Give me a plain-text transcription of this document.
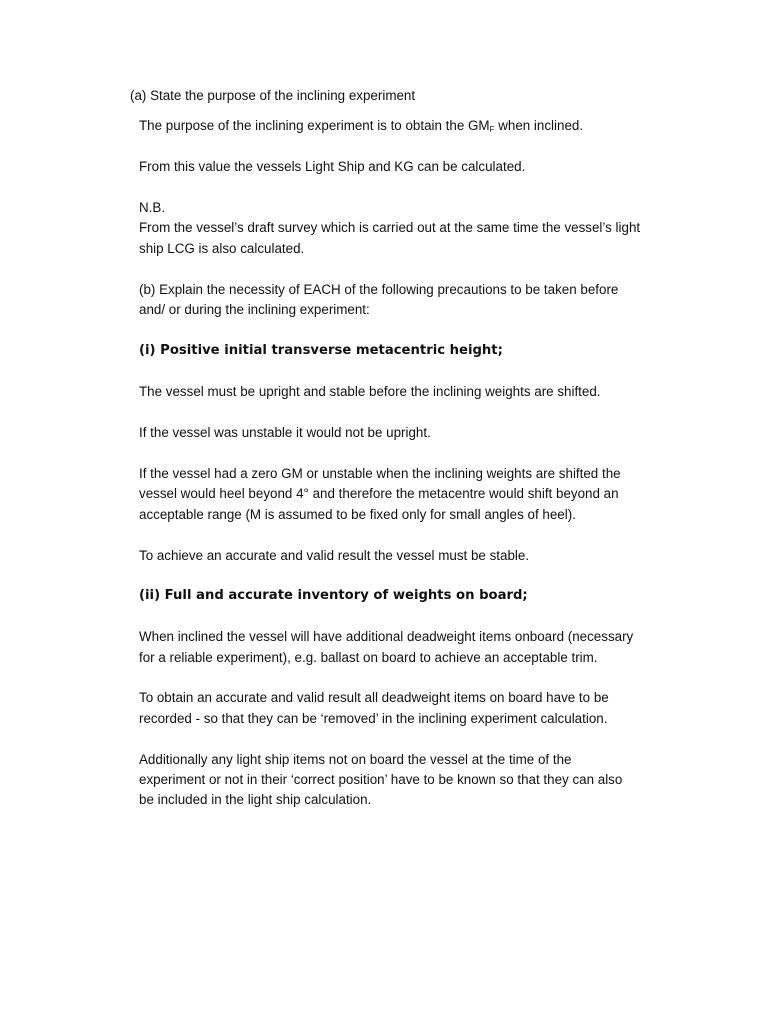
(a) State the purpose of the inclining experiment
The purpose of the inclining experiment is to obtain the $GM_F$ when inclined.
From this value the vessels Light Ship and KG can be calculated.
N.B.
From the vessel’s draft survey which is carried out at the same time the vessel’s light
ship LCG is also calculated.
(b) Explain the necessity of EACH of the following precautions to be taken before
and/ or during the inclining experiment:
(i) Positive initial transverse metacentric height;
The vessel must be upright and stable before the inclining weights are shifted.
If the vessel was unstable it would not be upright.
If the vessel had a zero GM or unstable when the inclining weights are shifted the
vessel would heel beyond 4° and therefore the metacentre would shift beyond an
acceptable range (M is assumed to be fixed only for small angles of heel).
To achieve an accurate and valid result the vessel must be stable.
(ii) Full and accurate inventory of weights on board;
When inclined the vessel will have additional deadweight items onboard (necessary
for a reliable experiment), e.g. ballast on board to achieve an acceptable trim.
To obtain an accurate and valid result all deadweight items on board have to be
recorded - so that they can be ‘removed’ in the inclining experiment calculation.
Additionally any light ship items not on board the vessel at the time of the
experiment or not in their ‘correct position’ have to be known so that they can also
be included in the light ship calculation.
